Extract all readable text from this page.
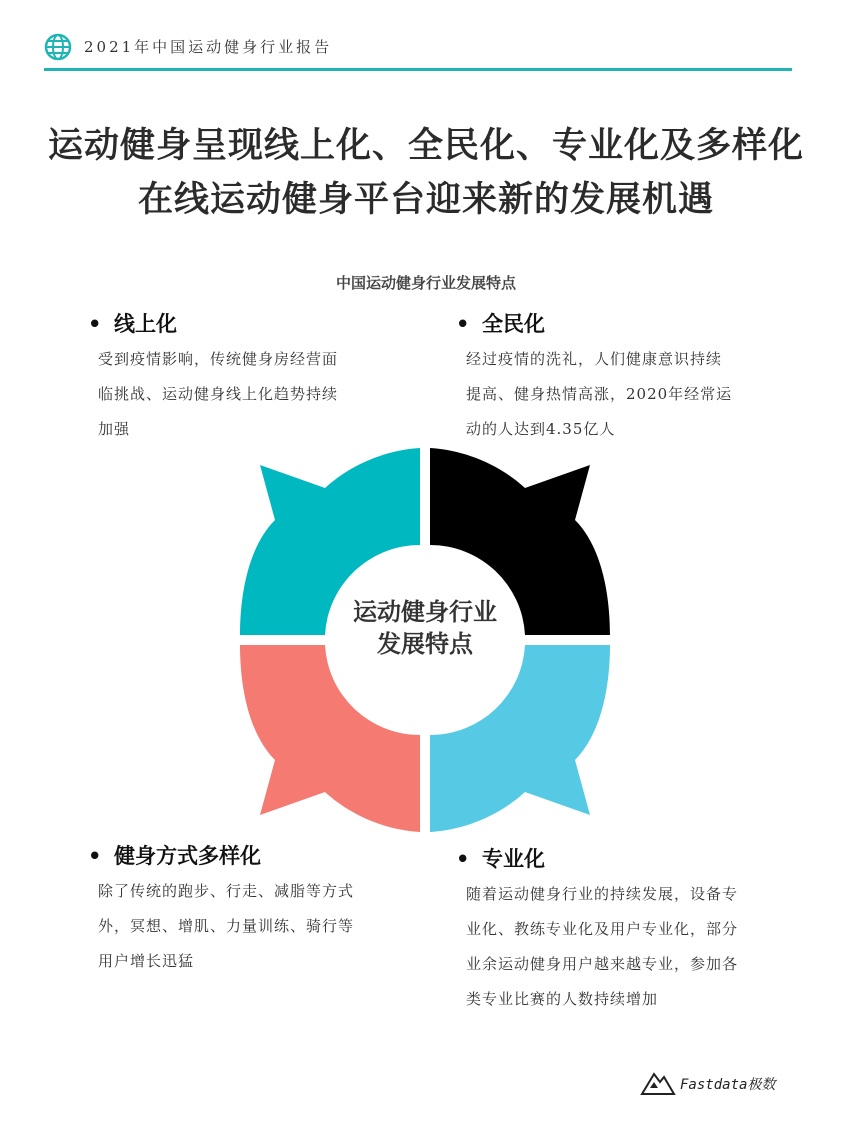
2021年中国运动健身行业报告
运动健身呈现线上化、全民化、专业化及多样化
在线运动健身平台迎来新的发展机遇
中国运动健身行业发展特点
• 线上化
受到疫情影响，传统健身房经营面
临挑战、运动健身线上化趋势持续
加强
• 全民化
经过疫情的洗礼，人们健康意识持续
提高、健身热情高涨，2020年经常运
动的人达到4.35亿人
• 健身方式多样化
除了传统的跑步、行走、减脂等方式
外，冥想、增肌、力量训练、骑行等
用户增长迅猛
• 专业化
随着运动健身行业的持续发展，设备专
业化、教练专业化及用户专业化，部分
业余运动健身用户越来越专业，参加各
类专业比赛的人数持续增加
运动健身行业
发展特点
Fastdata极数
